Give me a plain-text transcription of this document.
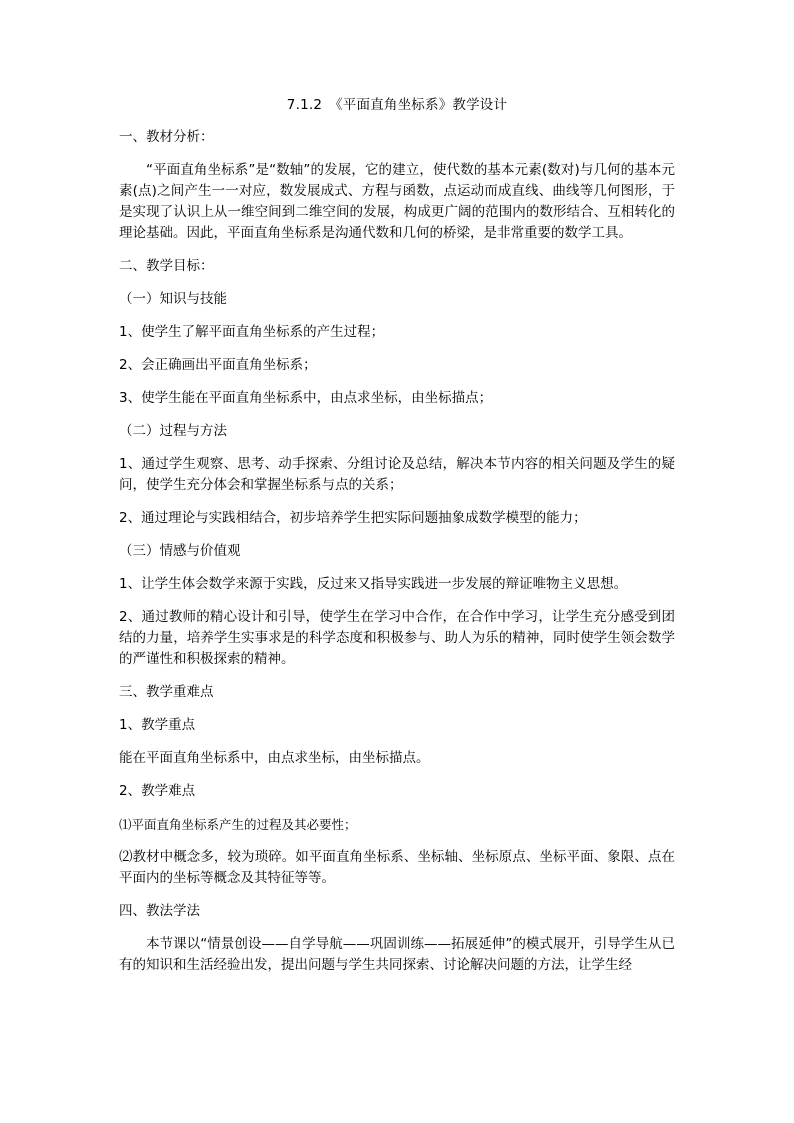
7.1.2　《平面直角坐标系》教学设计
一、教材分析：
“平面直角坐标系”是“数轴”的发展，它的建立，使代数的基本元素(数对)与几何的基本元素(点)之间产生一一对应，数发展成式、方程与函数，点运动而成直线、曲线等几何图形，于是实现了认识上从一维空间到二维空间的发展，构成更广阔的范围内的数形结合、互相转化的理论基础。因此，平面直角坐标系是沟通代数和几何的桥梁，是非常重要的数学工具。
二、教学目标：
（一）知识与技能
1、使学生了解平面直角坐标系的产生过程；
2、会正确画出平面直角坐标系；
3、使学生能在平面直角坐标系中，由点求坐标，由坐标描点；
（二）过程与方法
1、通过学生观察、思考、动手探索、分组讨论及总结，解决本节内容的相关问题及学生的疑问，使学生充分体会和掌握坐标系与点的关系；
2、通过理论与实践相结合，初步培养学生把实际问题抽象成数学模型的能力；
（三）情感与价值观
1、让学生体会数学来源于实践，反过来又指导实践进一步发展的辩证唯物主义思想。
2、通过教师的精心设计和引导，使学生在学习中合作，在合作中学习，让学生充分感受到团结的力量，培养学生实事求是的科学态度和积极参与、助人为乐的精神，同时使学生领会数学的严谨性和积极探索的精神。
三、教学重难点
1、教学重点
能在平面直角坐标系中，由点求坐标，由坐标描点。
2、教学难点
⑴平面直角坐标系产生的过程及其必要性；
⑵教材中概念多，较为琐碎。如平面直角坐标系、坐标轴、坐标原点、坐标平面、象限、点在平面内的坐标等概念及其特征等等。
四、教法学法
本节课以“情景创设——自学导航——巩固训练——拓展延伸”的模式展开，引导学生从已有的知识和生活经验出发，提出问题与学生共同探索、讨论解决问题的方法，让学生经
